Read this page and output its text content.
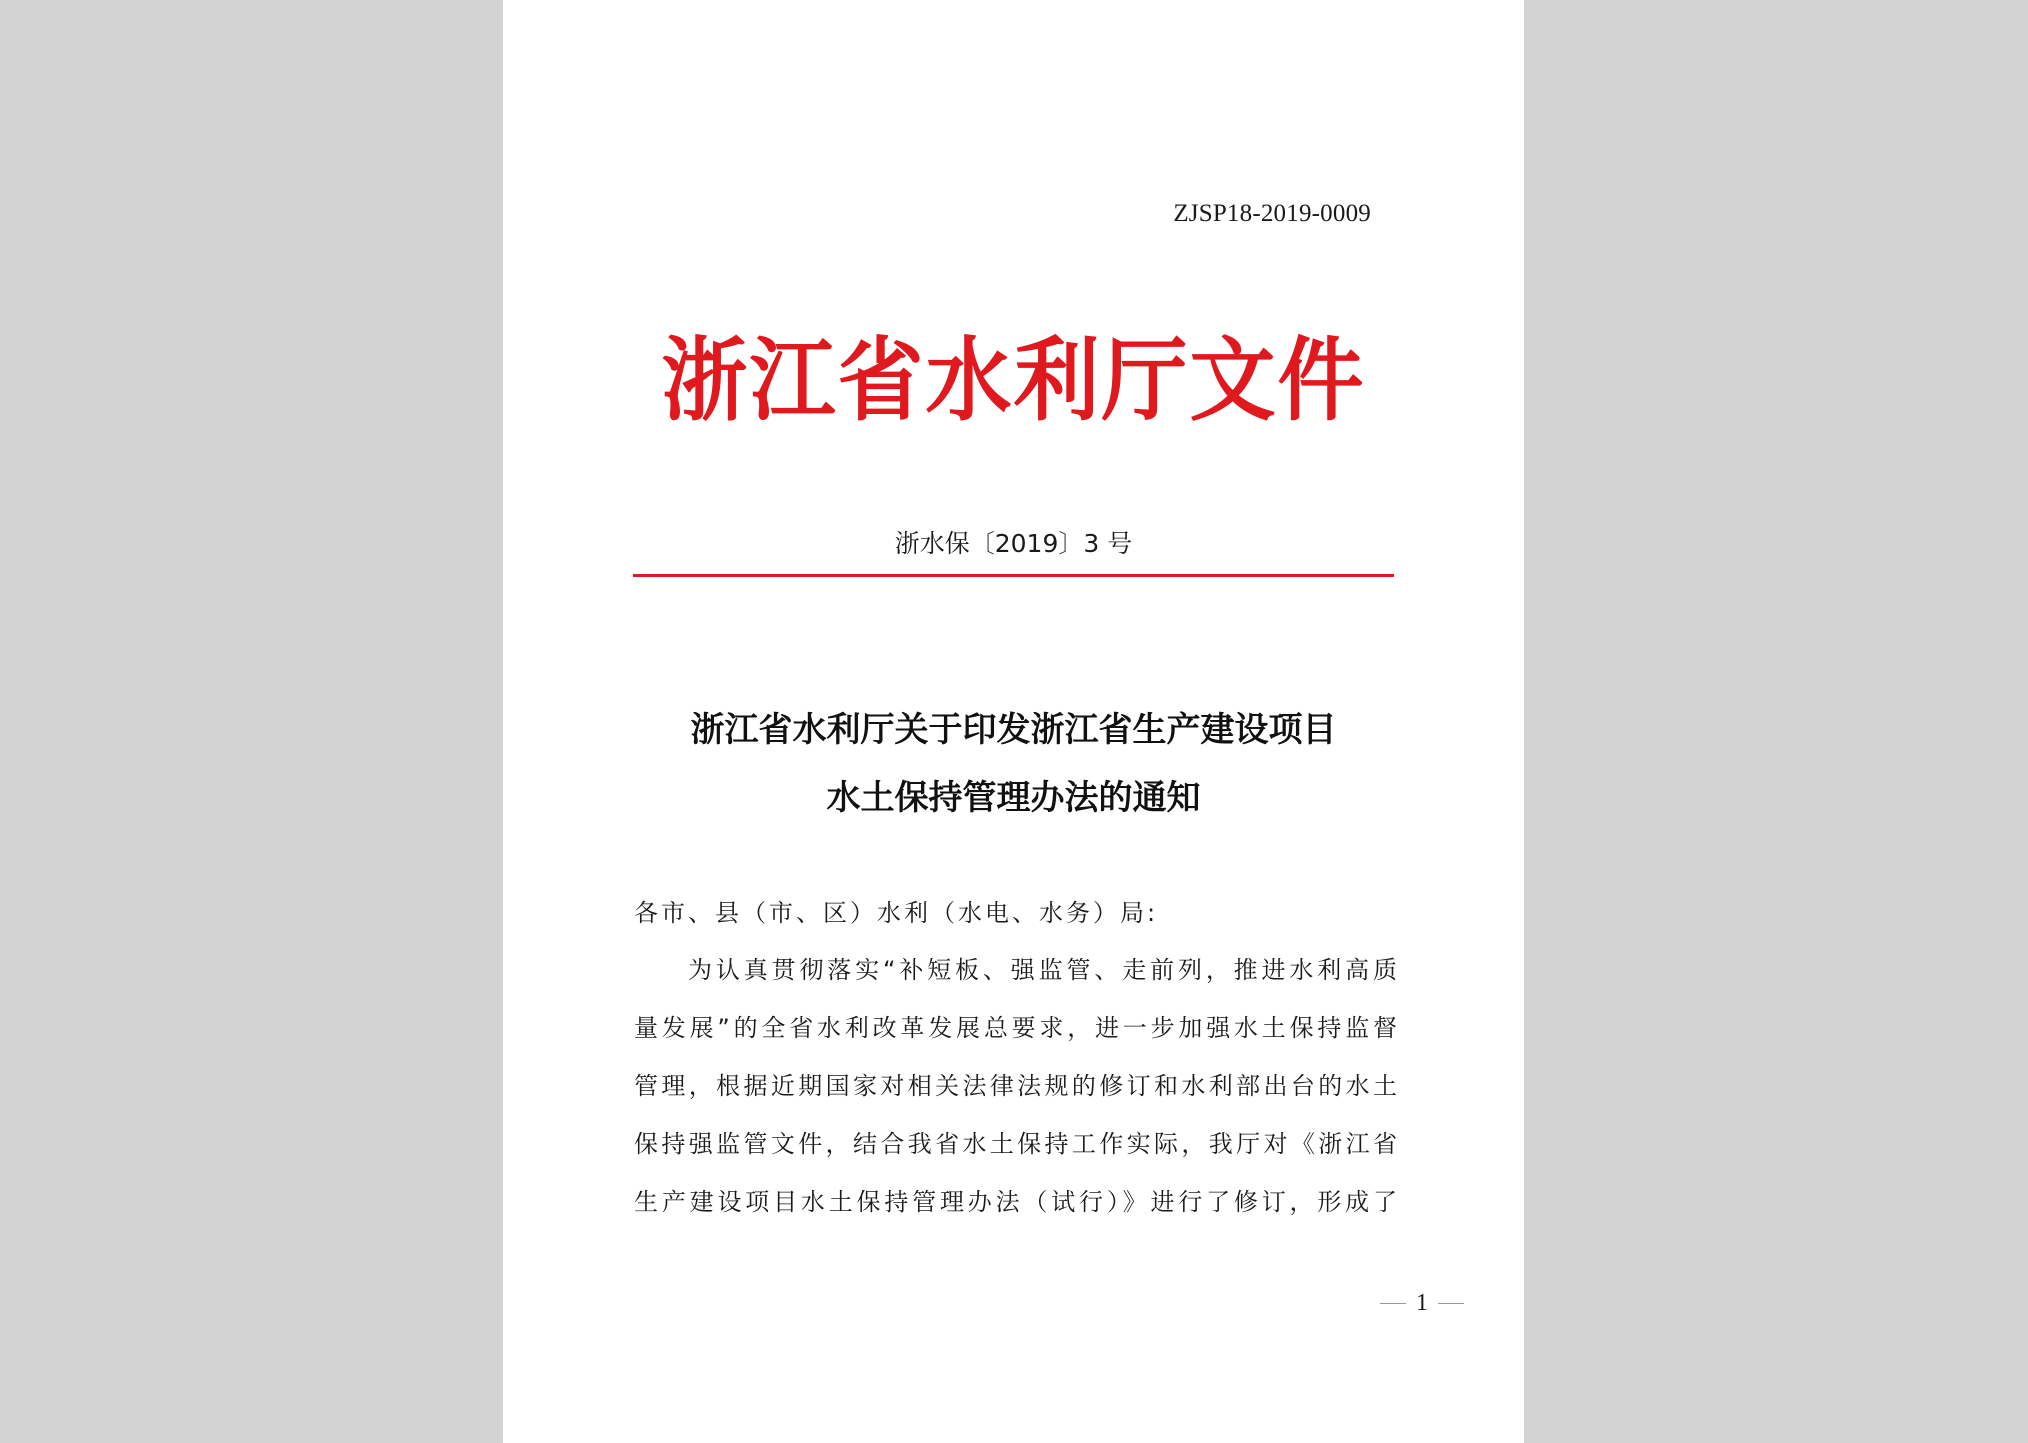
ZJSP18-2019-0009
浙江省水利厅文件
浙水保〔2019〕3 号
浙江省水利厅关于印发浙江省生产建设项目
水土保持管理办法的通知
各市、县（市、区）水利（水电、水务）局:
为认真贯彻落实“补短板、强监管、走前列，推进水利高质
量发展”的全省水利改革发展总要求，进一步加强水土保持监督
管理，根据近期国家对相关法律法规的修订和水利部出台的水土
保持强监管文件，结合我省水土保持工作实际，我厅对《浙江省
生产建设项目水土保持管理办法（试行）》进行了修订，形成了
1
